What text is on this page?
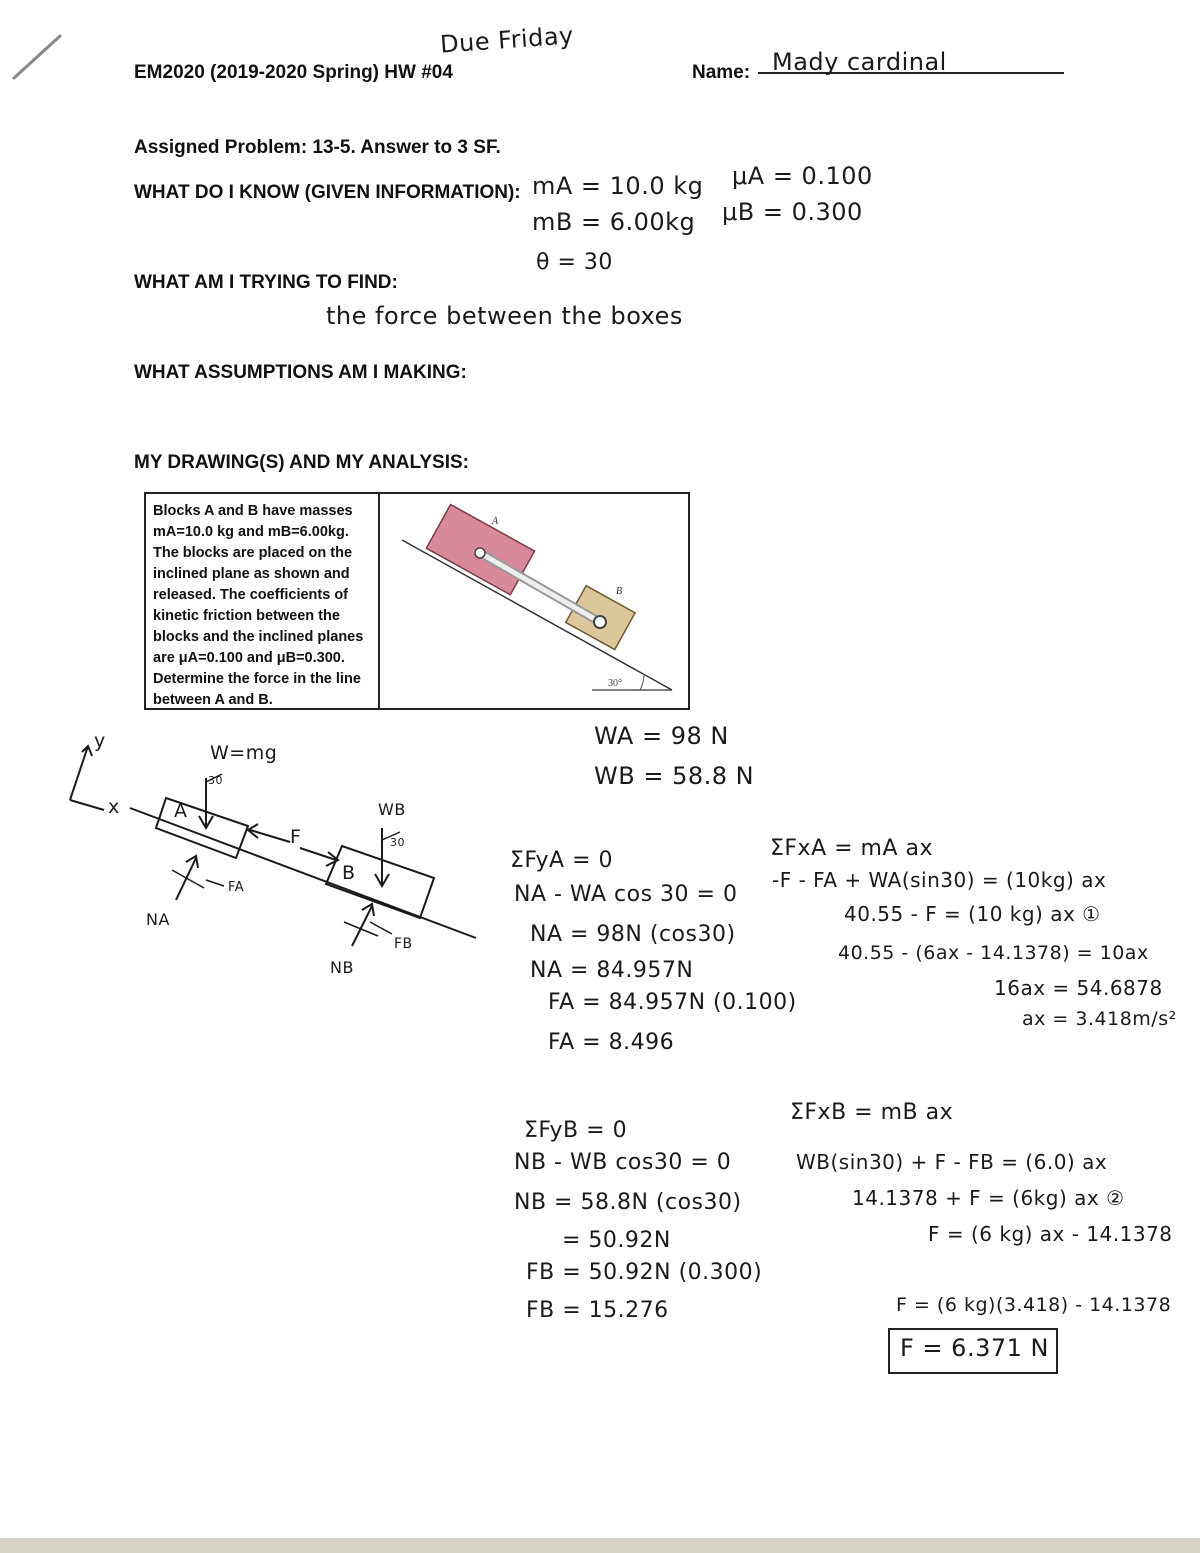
EM2020 (2019-2020 Spring) HW #04
Due Friday
Name: Mady cardinal
Assigned Problem: 13-5. Answer to 3 SF.
WHAT DO I KNOW (GIVEN INFORMATION):
WHAT AM I TRYING TO FIND:
WHAT ASSUMPTIONS AM I MAKING:
MY DRAWING(S) AND MY ANALYSIS:
mA = 10.0 kg
mB = 6.00kg
μA = 0.100
μB = 0.300
θ = 30
the force between the boxes
Blocks A and B have masses mA=10.0 kg and mB=6.00kg. The blocks are placed on the inclined plane as shown and released. The coefficients of kinetic friction between the blocks and the inclined planes are μA=0.100 and μB=0.300. Determine the force in the line between A and B.
30°
A
B
y
x
W=mg
30
A
B
F
FA
NA
WB
30
NB
FB
WA = 98 N
WB = 58.8 N
ΣFyA = 0
NA - WA cos 30 = 0
NA = 98N (cos30)
NA = 84.957N
FA = 84.957N (0.100)
FA = 8.496
ΣFxA = mA ax
-F - FA + WA(sin30) = (10kg) ax
40.55 - F = (10 kg) ax ①
40.55 - (6ax - 14.1378) = 10ax
16ax = 54.6878
ax = 3.418m/s²
ΣFyB = 0
NB - WB cos30 = 0
NB = 58.8N (cos30)
= 50.92N
FB = 50.92N (0.300)
FB = 15.276
ΣFxB = mB ax
WB(sin30) + F - FB = (6.0) ax
14.1378 + F = (6kg) ax ②
F = (6 kg) ax - 14.1378
F = (6 kg)(3.418) - 14.1378
F = 6.371 N
